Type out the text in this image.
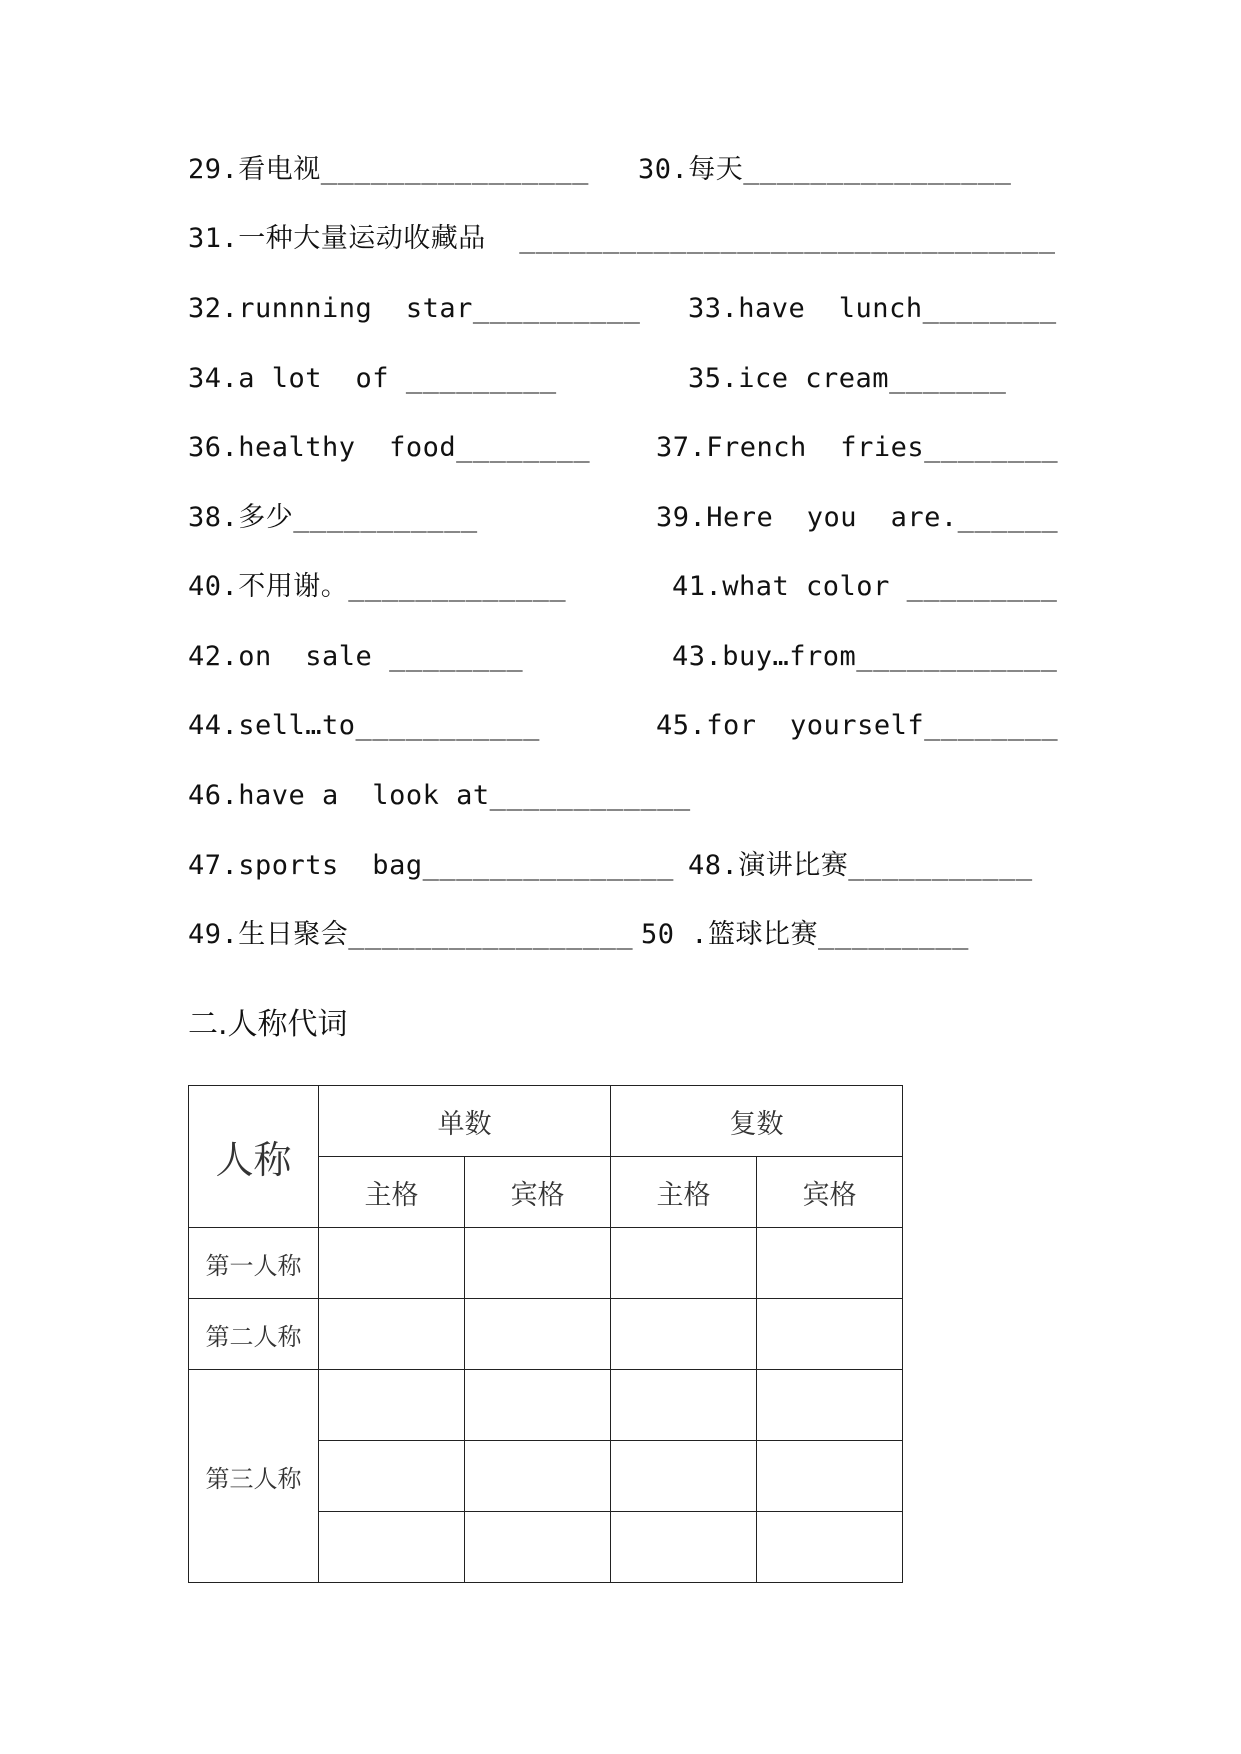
29.看电视________________ 30.每天________________
31.一种大量运动收藏品  ________________________________
32.runnning  star__________ 33.have  lunch________
34.a lot  of _________	35.ice cream_______
36.healthy  food________ 37.French  fries________
38.多少___________	39.Here  you  are.______
40.不用谢。_____________	41.what color _________
42.on  sale ________	43.buy…from____________
44.sell…to___________	45.for  yourself________
46.have a  look at____________
47.sports  bag_______________ 48.演讲比赛___________
49.生日聚会_________________ 50 .篮球比赛_________
二.人称代词
人称	单数		复数	
	主格	宾格	主格	宾格
第一人称				
第二人称				
第三人称				
